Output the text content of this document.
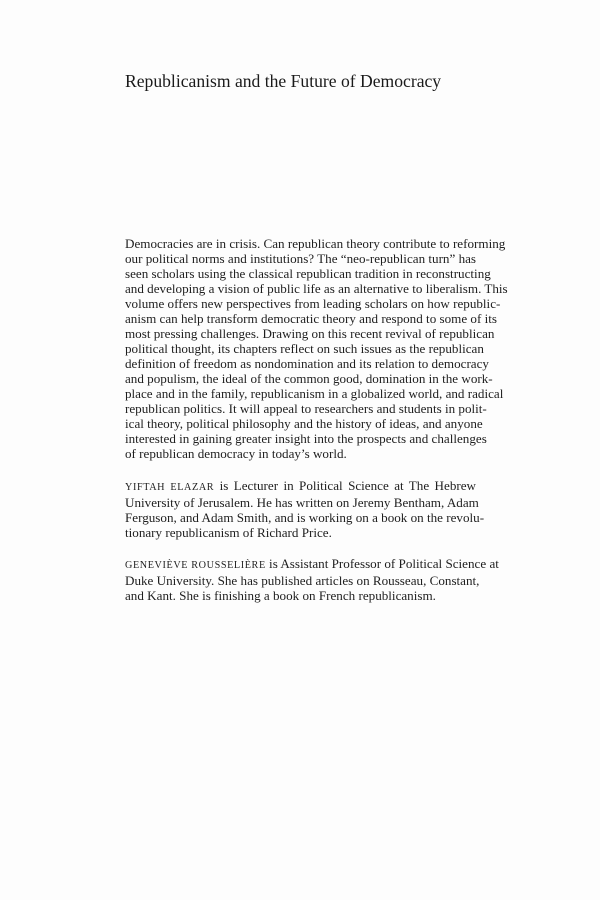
Republicanism and the Future of Democracy

Democracies are in crisis. Can republican theory contribute to reforming
our political norms and institutions? The “neo-republican turn” has
seen scholars using the classical republican tradition in reconstructing
and developing a vision of public life as an alternative to liberalism. This
volume offers new perspectives from leading scholars on how republic-
anism can help transform democratic theory and respond to some of its
most pressing challenges. Drawing on this recent revival of republican
political thought, its chapters reflect on such issues as the republican
definition of freedom as nondomination and its relation to democracy
and populism, the ideal of the common good, domination in the work-
place and in the family, republicanism in a globalized world, and radical
republican politics. It will appeal to researchers and students in polit-
ical theory, political philosophy and the history of ideas, and anyone
interested in gaining greater insight into the prospects and challenges
of republican democracy in today’s world.

YIFTAH ELAZAR is Lecturer in Political Science at The Hebrew
University of Jerusalem. He has written on Jeremy Bentham, Adam
Ferguson, and Adam Smith, and is working on a book on the revolu-
tionary republicanism of Richard Price.

GENEVIÈVE ROUSSELIÈRE is Assistant Professor of Political Science at
Duke University. She has published articles on Rousseau, Constant,
and Kant. She is finishing a book on French republicanism.
